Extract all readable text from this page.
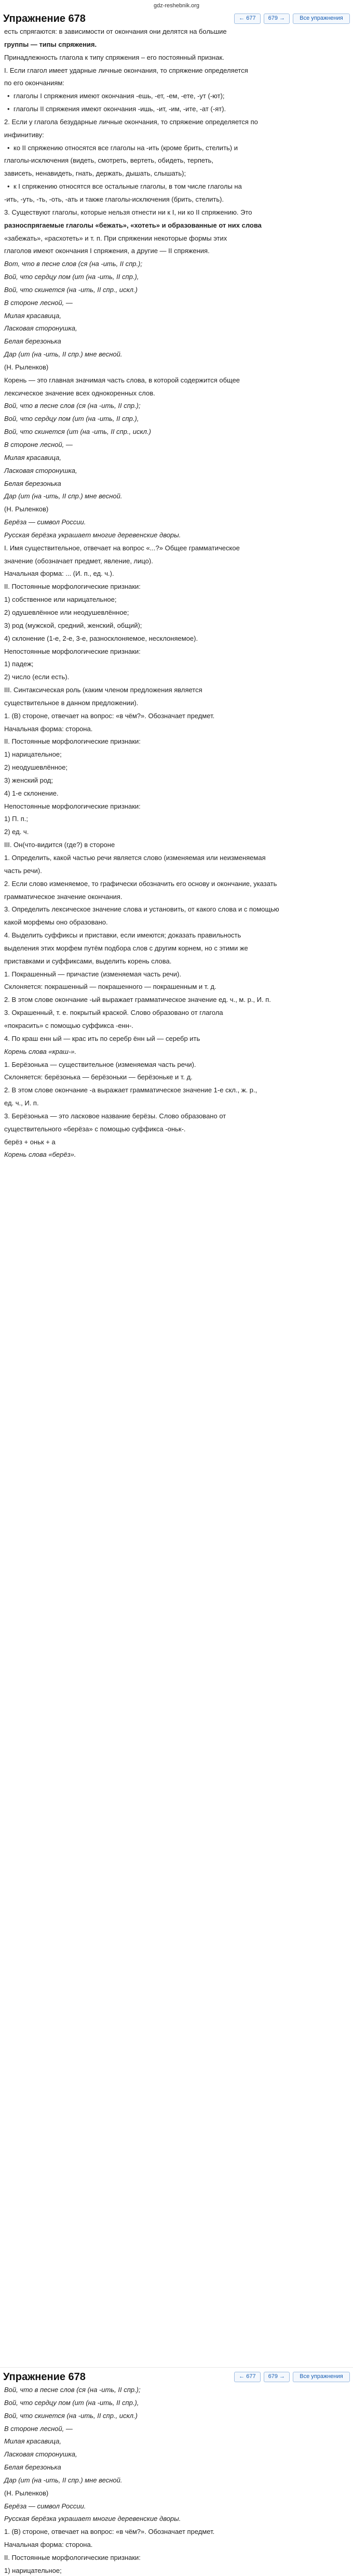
gdz-reshebnik.org
Упражнение 678	← 677	679 →	Все упражнения
есть спрягаются: в зависимости от окончания они делятся на большие
группы — типы спряжения.
Принадлежность глагола к типу спряжения – его постоянный признак.
I. Если глагол имеет ударные личные окончания, то спряжение определяется
по его окончаниям:
• глаголы I спряжения имеют окончания -ешь, -ет, -ем, -ете, -ут (-ют);
• глаголы II спряжения имеют окончания -ишь, -ит, -им, -ите, -ат (-ят).
2. Если у глагола безударные личные окончания, то спряжение определяется по
инфинитиву:
• ко II спряжению относятся все глаголы на -ить (кроме брить, стелить) и
глаголы-исключения (видеть, смотреть, вертеть, обидеть, терпеть,
зависеть, ненавидеть, гнать, держать, дышать, слышать);
• к I спряжению относятся все остальные глаголы, в том числе глаголы на
-ить, -уть, -ть, -оть, -ать и также глаголы-исключения (брить, стелить).
3. Существуют глаголы, которые нельзя отнести ни к I, ни ко II спряжению. Это
разноспрягаемые глаголы «бежать», «хотеть» и образованные от них слова
«забежать», «расхотеть» и т. п. При спряжении некоторые формы этих
глаголов имеют окончания I спряжения, а другие — II спряжения.
Вот, что в песне слов (ся (на -ить, II спр.);
Вой, что сердцу пом (ит (на -ить, II спр.),
Вой, что скинется (на -ить, II спр., искл.)
В стороне лесной, —
Милая красавица,
Ласковая сторонушка,
Белая березонька
Дар (ит (на -ить, II спр.) мне весной.
(Н. Рыленков)
Корень — это главная значимая часть слова, в которой содержится общее
лексическое значение всех однокоренных слов.
Вой, что в песне слов (ся (на -ить, II спр.);
Вой, что сердцу пом (ит (на -ить, II спр.),
Вой, что скинется (ит (на -ить, II спр., искл.)
В стороне лесной, —
Милая красавица,
Ласковая сторонушка,
Белая березонька
Дар (ит (на -ить, II спр.) мне весной.
(Н. Рыленков)
Берёза — символ России.
Русская берёзка украшает многие деревенские дворы.
I. Имя существительное, отвечает на вопрос «...?» Общее грамматическое
значение (обозначает предмет, явление, лицо).
Начальная форма: ... (И. п., ед. ч.).
II. Постоянные морфологические признаки:
1) собственное или нарицательное;
2) одушевлённое или неодушевлённое;
3) род (мужской, средний, женский, общий);
4) склонение (1-е, 2-е, 3-е, разносклоняемое, несклоняемое).
Непостоянные морфологические признаки:
1) падеж;
2) число (если есть).
III. Синтаксическая роль (каким членом предложения является
существительное в данном предложении).
1. (В) стороне, отвечает на вопрос: «в чём?». Обозначает предмет.
Начальная форма: сторона.
II. Постоянные морфологические признаки:
1) нарицательное;
2) неодушевлённое;
3) женский род;
4) 1-е склонение.
Непостоянные морфологические признаки:
1) П. п.;
2) ед. ч.
III. Он(что-видится (где?) в стороне
1. Определить, какой частью речи является слово (изменяемая или неизменяемая
часть речи).
2. Если слово изменяемое, то графически обозначить его основу и окончание, указать
грамматическое значение окончания.
3. Определить лексическое значение слова и установить, от какого слова и с помощью
какой морфемы оно образовано.
4. Выделить суффиксы и приставки, если имеются; доказать правильность
выделения этих морфем путём подбора слов с другим корнем, но с этими же
приставками и суффиксами, выделить корень слова.
1. Покрашенный — причастие (изменяемая часть речи).
Склоняется: покрашенный — покрашенного — покрашенным и т. д.
2. В этом слове окончание -ый выражает грамматическое значение ед. ч., м. р., И. п.
3. Окрашенный, т. е. покрытый краской. Слово образовано от глагола
«покрасить» с помощью суффикса -енн-.
4. По краш енн ый — крас ить по серебр ённ ый — серебр ить
Корень слова «краш-».
1. Берёзонька — существительное (изменяемая часть речи).
Склоняется: берёзонька — берёзоньки — берёзоньке и т. д.
2. В этом слове окончание -а выражает грамматическое значение 1-е скл., ж. р.,
ед. ч., И. п.
3. Берёзонька — это ласковое название берёзы. Слово образовано от
существительного «берёза» с помощью суффикса -оньк-.
берёз + оньк + а
Корень слова «берёз».
Упражнение 678	← 677	679 →	Все упражнения
Вой, что в песне слов (ся (на -ить, II спр.);
Вой, что сердцу пом (ит (на -ить, II спр.),
Вой, что скинется (на -ить, II спр., искл.)
В стороне лесной, —
Милая красавица,
Ласковая сторонушка,
Белая березонька
Дар (ит (на -ить, II спр.) мне весной.
(Н. Рыленков)
Берёза — символ России.
Русская берёзка украшает многие деревенские дворы.
1. (В) стороне, отвечает на вопрос: «в чём?». Обозначает предмет.
Начальная форма: сторона.
II. Постоянные морфологические признаки:
1) нарицательное;
